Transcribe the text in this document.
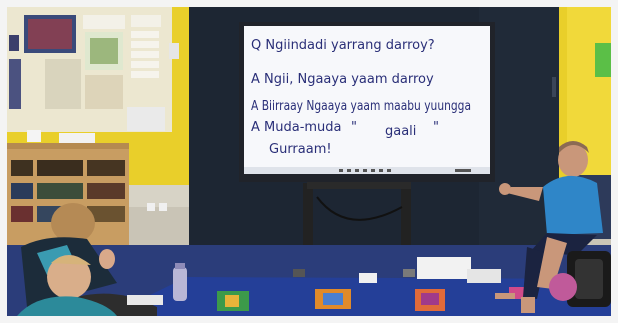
Q Ngiindadi yarrang darroy?
A Ngii, Ngaaya yaam darroy
A Biirraay Ngaaya yaam maabu yuungga
A Muda-muda " gaali "
Gurraam!
